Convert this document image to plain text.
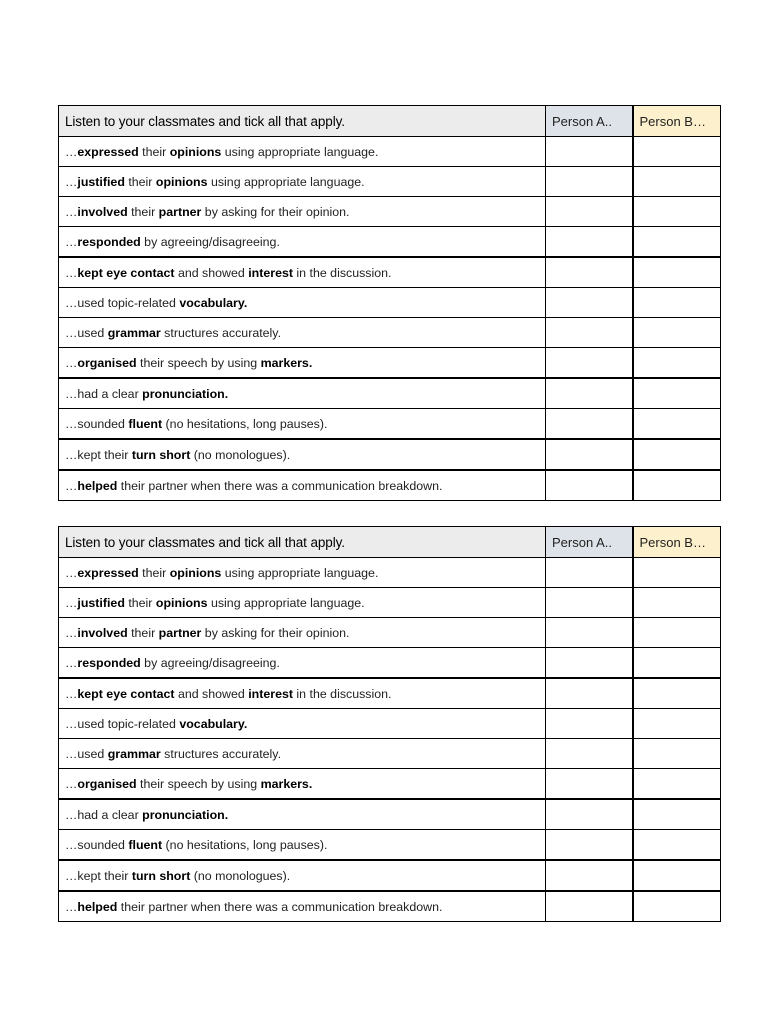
Listen to your classmates and tick all that apply.	Person A..	Person B…
…expressed their opinions using appropriate language.		
…justified their opinions using appropriate language.		
…involved their partner by asking for their opinion.		
…responded by agreeing/disagreeing.		
…kept eye contact and showed interest in the discussion.		
…used topic-related vocabulary.		
…used grammar structures accurately.		
…organised their speech by using markers.		
…had a clear pronunciation.		
…sounded fluent (no hesitations, long pauses).		
…kept their turn short (no monologues).		
…helped their partner when there was a communication breakdown.		
Listen to your classmates and tick all that apply.	Person A..	Person B…
…expressed their opinions using appropriate language.		
…justified their opinions using appropriate language.		
…involved their partner by asking for their opinion.		
…responded by agreeing/disagreeing.		
…kept eye contact and showed interest in the discussion.		
…used topic-related vocabulary.		
…used grammar structures accurately.		
…organised their speech by using markers.		
…had a clear pronunciation.		
…sounded fluent (no hesitations, long pauses).		
…kept their turn short (no monologues).		
…helped their partner when there was a communication breakdown.		
